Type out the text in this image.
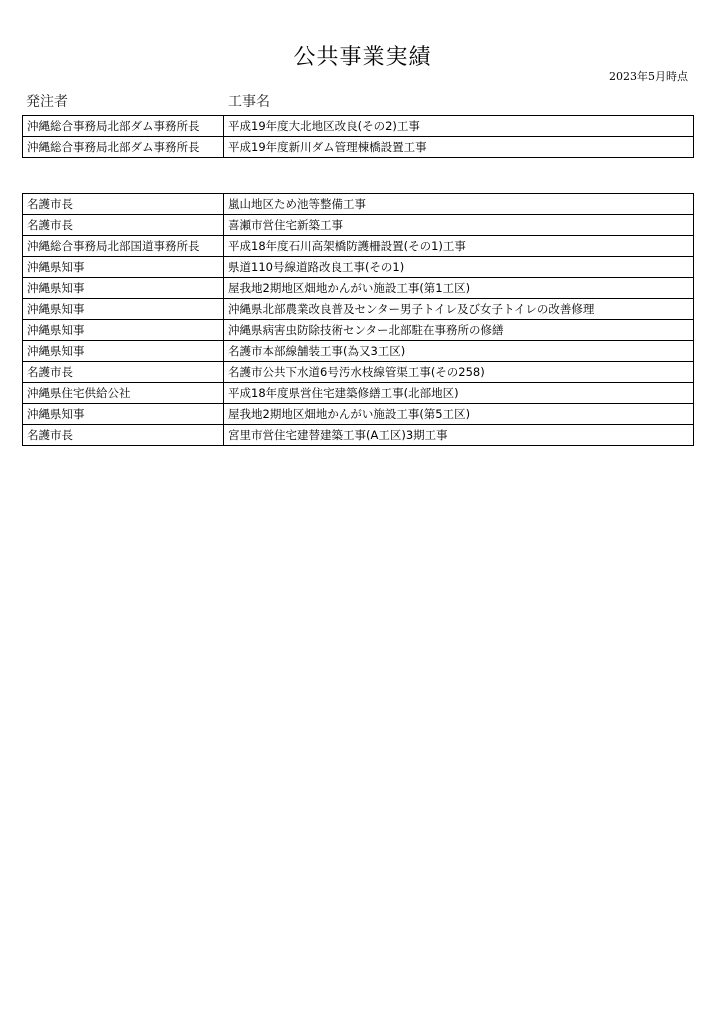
公共事業実績
2023年5月時点
発注者	工事名
沖縄総合事務局北部ダム事務所長	平成19年度大北地区改良(その2)工事
沖縄総合事務局北部ダム事務所長	平成19年度新川ダム管理棟橋設置工事
名護市長	嵐山地区ため池等整備工事
名護市長	喜瀬市営住宅新築工事
沖縄総合事務局北部国道事務所長	平成18年度石川高架橋防護柵設置(その1)工事
沖縄県知事	県道110号線道路改良工事(その1)
沖縄県知事	屋我地2期地区畑地かんがい施設工事(第1工区)
沖縄県知事	沖縄県北部農業改良普及センター男子トイレ及び女子トイレの改善修理
沖縄県知事	沖縄県病害虫防除技術センター北部駐在事務所の修繕
沖縄県知事	名護市本部線舗装工事(為又3工区)
名護市長	名護市公共下水道6号汚水枝線管渠工事(その258)
沖縄県住宅供給公社	平成18年度県営住宅建築修繕工事(北部地区)
沖縄県知事	屋我地2期地区畑地かんがい施設工事(第5工区)
名護市長	宮里市営住宅建替建築工事(A工区)3期工事
